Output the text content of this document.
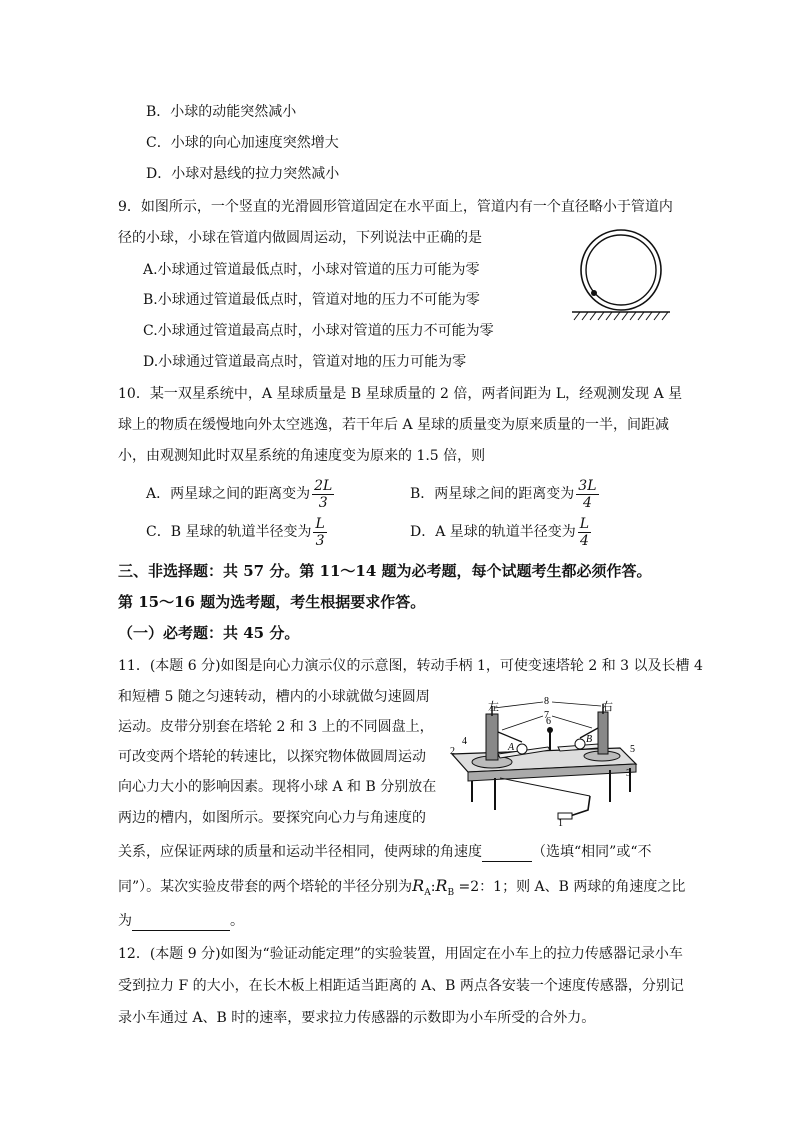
B．小球的动能突然减小
C．小球的向心加速度突然增大
D．小球对悬线的拉力突然减小
9．如图所示，一个竖直的光滑圆形管道固定在水平面上，管道内有一个直径略小于管道内
径的小球，小球在管道内做圆周运动，下列说法中正确的是
A.小球通过管道最低点时，小球对管道的压力可能为零
B.小球通过管道最低点时，管道对地的压力不可能为零
C.小球通过管道最高点时，小球对管道的压力不可能为零
D.小球通过管道最高点时，管道对地的压力可能为零
10．某一双星系统中，A 星球质量是 B 星球质量的 2 倍，两者间距为 L，经观测发现 A 星
球上的物质在缓慢地向外太空逃逸，若干年后 A 星球的质量变为原来质量的一半，间距减
小，由观测知此时双星系统的角速度变为原来的 1.5 倍，则
A．两星球之间的距离变为 $\frac{2L}{3}$	B．两星球之间的距离变为 $\frac{3L}{4}$
C．B 星球的轨道半径变为 $\frac{L}{3}$	D．A 星球的轨道半径变为 $\frac{L}{4}$
三、非选择题：共 57 分。第 11～14 题为必考题，每个试题考生都必须作答。
第 15～16 题为选考题，考生根据要求作答。
（一）必考题：共 45 分。
11．(本题 6 分)如图是向心力演示仪的示意图，转动手柄 1，可使变速塔轮 2 和 3 以及长槽 4
和短槽 5 随之匀速转动，槽内的小球就做匀速圆周
运动。皮带分别套在塔轮 2 和 3 上的不同圆盘上，
可改变两个塔轮的转速比，以探究物体做圆周运动
向心力大小的影响因素。现将小球 A 和 B 分别放在
两边的槽内，如图所示。要探究向心力与角速度的
关系，应保证两球的质量和运动半径相同，使两球的角速度	（选填“相同”或“不
同”）。某次实验皮带套的两个塔轮的半径分别为$R_A:R_B =2$：1；则 A、B 两球的角速度之比
为	。
A
B
左	右
1
2
3
4
5
6
7
8
12．(本题 9 分)如图为“验证动能定理”的实验装置，用固定在小车上的拉力传感器记录小车
受到拉力 F 的大小，在长木板上相距适当距离的 A、B 两点各安装一个速度传感器，分别记
录小车通过 A、B 时的速率，要求拉力传感器的示数即为小车所受的合外力。
